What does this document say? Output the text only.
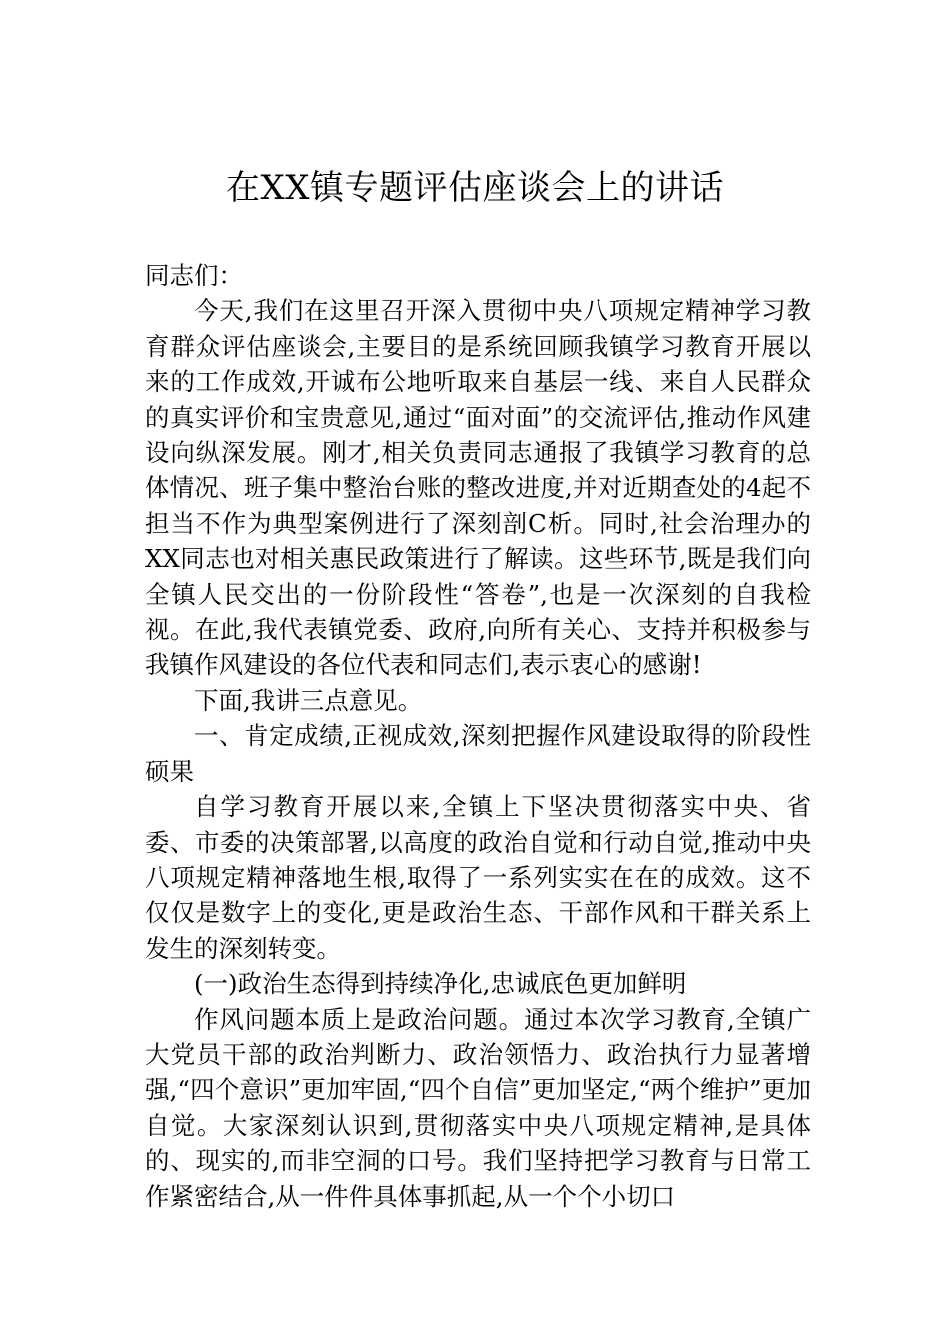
在XX镇专题评估座谈会上的讲话

同志们：

今天,我们在这里召开深入贯彻中央八项规定精神学习教育群众评估座谈会,主要目的是系统回顾我镇学习教育开展以来的工作成效,开诚布公地听取来自基层一线、来自人民群众的真实评价和宝贵意见,通过“面对面”的交流评估,推动作风建设向纵深发展。刚才,相关负责同志通报了我镇学习教育的总体情况、班子集中整治台账的整改进度,并对近期查处的4起不担当不作为典型案例进行了深刻剖C析。同时,社会治理办的XX同志也对相关惠民政策进行了解读。这些环节,既是我们向全镇人民交出的一份阶段性“答卷”,也是一次深刻的自我检视。在此,我代表镇党委、政府,向所有关心、支持并积极参与我镇作风建设的各位代表和同志们,表示衷心的感谢!

下面,我讲三点意见。

一、肯定成绩,正视成效,深刻把握作风建设取得的阶段性硕果

自学习教育开展以来,全镇上下坚决贯彻落实中央、省委、市委的决策部署,以高度的政治自觉和行动自觉,推动中央八项规定精神落地生根,取得了一系列实实在在的成效。这不仅仅是数字上的变化,更是政治生态、干部作风和干群关系上发生的深刻转变。

(一)政治生态得到持续净化,忠诚底色更加鲜明

作风问题本质上是政治问题。通过本次学习教育,全镇广大党员干部的政治判断力、政治领悟力、政治执行力显著增强,“四个意识”更加牢固,“四个自信”更加坚定,“两个维护”更加自觉。大家深刻认识到,贯彻落实中央八项规定精神,是具体的、现实的,而非空洞的口号。我们坚持把学习教育与日常工作紧密结合,从一件件具体事抓起,从一个个小切口
